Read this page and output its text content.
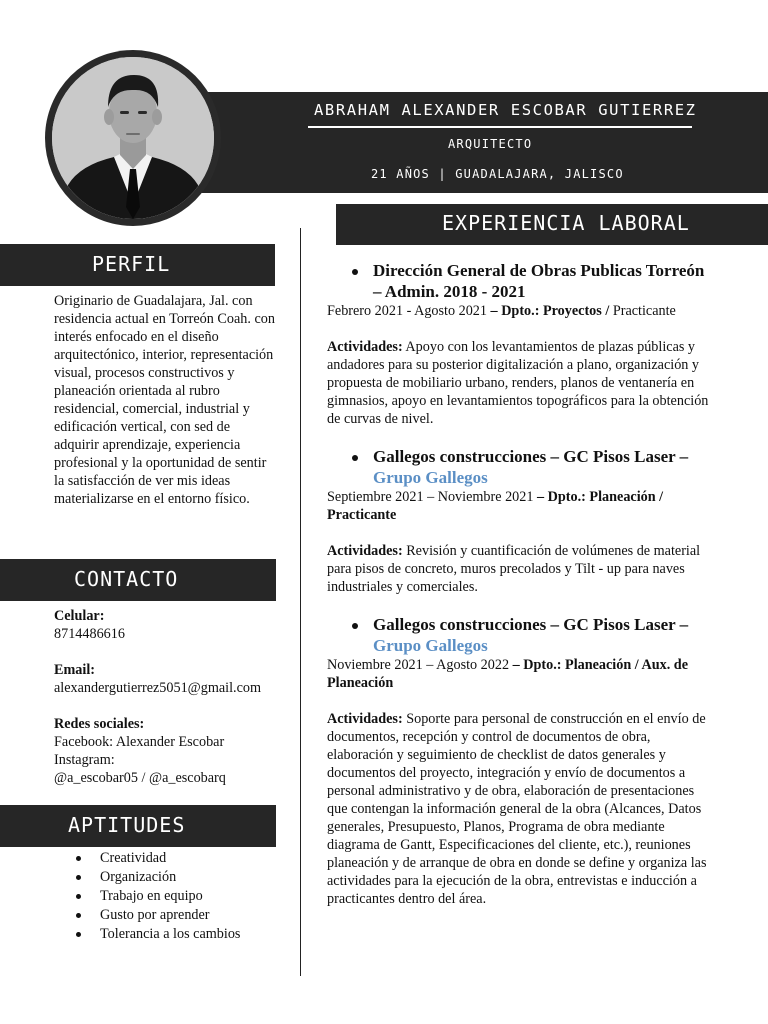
ABRAHAM ALEXANDER ESCOBAR GUTIERREZ
ARQUITECTO
21 AÑOS | GUADALAJARA, JALISCO
PERFIL
CONTACTO
APTITUDES
EXPERIENCIA LABORAL
Originario de Guadalajara, Jal. con residencia actual en Torreón Coah. con interés enfocado en el diseño arquitectónico, interior, representación visual, procesos constructivos y planeación orientada al rubro residencial, comercial, industrial y edificación vertical, con sed de adquirir aprendizaje, experiencia profesional y la oportunidad de sentir la satisfacción de ver mis ideas materializarse en el entorno físico.
Celular:
8714486616
Email:
alexandergutierrez5051@gmail.com
Redes sociales:
Facebook: Alexander Escobar
Instagram:
@a_escobar05 / @a_escobarq
Creatividad
Organización
Trabajo en equipo
Gusto por aprender
Tolerancia a los cambios
Dirección General de Obras Publicas Torreón – Admin. 2018 - 2021
Febrero 2021 - Agosto 2021 – Dpto.: Proyectos / Practicante
Actividades: Apoyo con los levantamientos de plazas públicas y andadores para su posterior digitalización a plano, organización y propuesta de mobiliario urbano, renders, planos de ventanería en gimnasios, apoyo en levantamientos topográficos para la obtención de curvas de nivel.
Gallegos construcciones – GC Pisos Laser – Grupo Gallegos
Septiembre 2021 – Noviembre 2021 – Dpto.: Planeación / Practicante
Actividades: Revisión y cuantificación de volúmenes de material para pisos de concreto, muros precolados y Tilt - up para naves industriales y comerciales.
Gallegos construcciones – GC Pisos Laser – Grupo Gallegos
Noviembre 2021 – Agosto 2022 – Dpto.: Planeación / Aux. de Planeación
Actividades: Soporte para personal de construcción en el envío de documentos, recepción y control de documentos de obra, elaboración y seguimiento de checklist de datos generales y documentos del proyecto, integración y envío de documentos a personal administrativo y de obra, elaboración de presentaciones que contengan la información general de la obra (Alcances, Datos generales, Presupuesto, Planos, Programa de obra mediante diagrama de Gantt, Especificaciones del cliente, etc.), reuniones planeación y de arranque de obra en donde se define y organiza las actividades para la ejecución de la obra, entrevistas e inducción a practicantes dentro del área.
